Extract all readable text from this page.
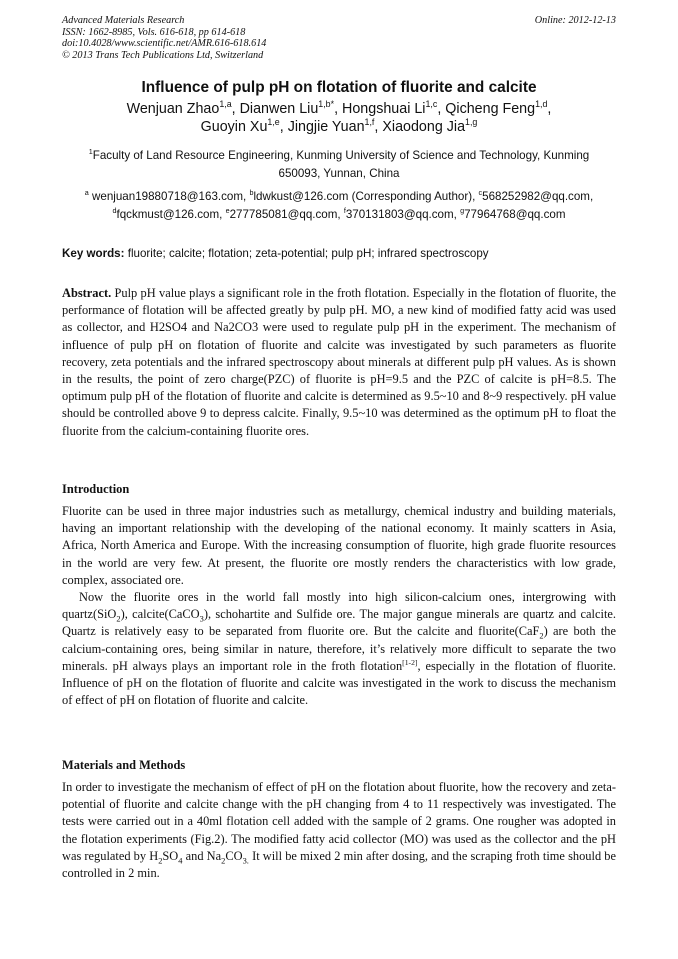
Advanced Materials Research
ISSN: 1662-8985, Vols. 616-618, pp 614-618
doi:10.4028/www.scientific.net/AMR.616-618.614
© 2013 Trans Tech Publications Ltd, Switzerland
Online: 2012-12-13
Influence of pulp pH on flotation of fluorite and calcite
Wenjuan Zhao$^{1,a}$, Dianwen Liu$^{1,b*}$, Hongshuai Li$^{1,c}$, Qicheng Feng$^{1,d}$,
Guoyin Xu$^{1,e}$, Jingjie Yuan$^{1,f}$, Xiaodong Jia$^{1,g}$
$^1$Faculty of Land Resource Engineering, Kunming University of Science and Technology, Kunming
650093, Yunnan, China
$^a$ wenjuan19880718@163.com, $^b$ldwkust@126.com (Corresponding Author), $^c$568252982@qq.com,
$^d$fqckmust@126.com, $^e$277785081@qq.com, $^f$370131803@qq.com, $^g$77964768@qq.com
Key words: fluorite; calcite; flotation; zeta-potential; pulp pH; infrared spectroscopy

Abstract. Pulp pH value plays a significant role in the froth flotation. Especially in the flotation of fluorite, the performance of flotation will be affected greatly by pulp pH. MO, a new kind of modified fatty acid was used as collector, and H2SO4 and Na2CO3 were used to regulate pulp pH in the experiment. The mechanism of influence of pulp pH on flotation of fluorite and calcite was investigated by such parameters as fluorite recovery, zeta potentials and the infrared spectroscopy about minerals at different pulp pH values. As is shown in the results, the point of zero charge(PZC) of fluorite is pH=9.5 and the PZC of calcite is pH=8.5. The optimum pulp pH of the flotation of fluorite and calcite is determined as 9.5~10 and 8~9 respectively. pH value should be controlled above 9 to depress calcite. Finally, 9.5~10 was determined as the optimum pH to float the fluorite from the calcium-containing fluorite ores.

Introduction

Fluorite can be used in three major industries such as metallurgy, chemical industry and building materials, having an important relationship with the developing of the national economy. It mainly scatters in Asia, Africa, North America and Europe. With the increasing consumption of fluorite, high grade fluorite resources in the world are very few. At present, the fluorite ore mostly renders the characteristics with low grade, complex, associated ore.

Now the fluorite ores in the world fall mostly into high silicon-calcium ones, intergrowing with quartz(SiO$_2$), calcite(CaCO$_3$), schohartite and Sulfide ore. The major gangue minerals are quartz and calcite. Quartz is relatively easy to be separated from fluorite ore. But the calcite and fluorite(CaF$_2$) are both the calcium-containing ores, being similar in nature, therefore, it’s relatively more difficult to separate the two minerals. pH always plays an important role in the froth flotation[1-2], especially in the flotation of fluorite. Influence of pH on the flotation of fluorite and calcite was investigated in the work to discuss the mechanism of effect of pH on flotation of fluorite and calcite.

Materials and Methods

In order to investigate the mechanism of effect of pH on the flotation about fluorite, how the recovery and zeta-potential of fluorite and calcite change with the pH changing from 4 to 11 respectively was investigated. The tests were carried out in a 40ml flotation cell added with the sample of 2 grams. One rougher was adopted in the flotation experiments (Fig.2). The modified fatty acid collector (MO) was used as the collector and the pH was regulated by $H_2SO_4$ and $Na_2CO_{3.}$ It will be mixed 2 min after dosing, and the scraping froth time should be controlled in 2 min.
